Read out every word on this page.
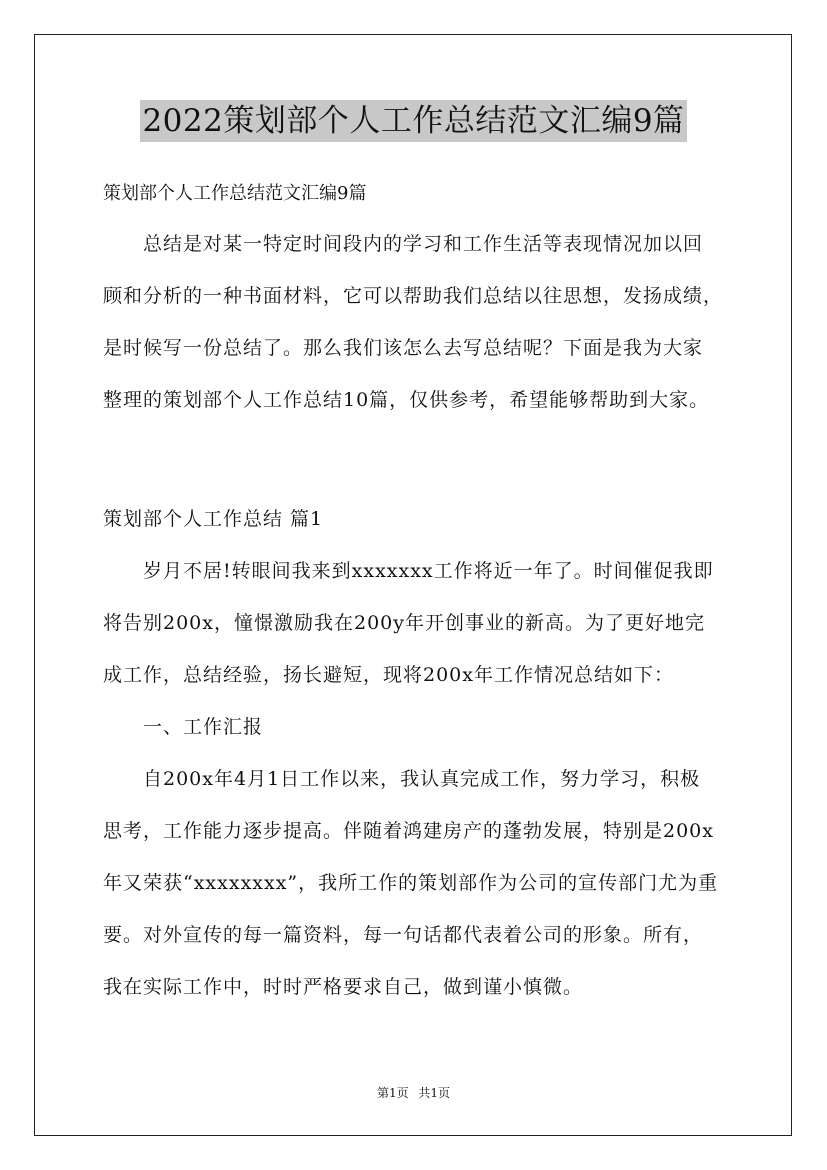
2022策划部个人工作总结范文汇编9篇
策划部个人工作总结范文汇编9篇

总结是对某一特定时间段内的学习和工作生活等表现情况加以回

顾和分析的一种书面材料，它可以帮助我们总结以往思想，发扬成绩，

是时候写一份总结了。那么我们该怎么去写总结呢？下面是我为大家

整理的策划部个人工作总结10篇，仅供参考，希望能够帮助到大家。

策划部个人工作总结 篇1

岁月不居!转眼间我来到xxxxxxx工作将近一年了。时间催促我即

将告别200x，憧憬激励我在200y年开创事业的新高。为了更好地完

成工作，总结经验，扬长避短，现将200x年工作情况总结如下：

一、工作汇报

自200x年4月1日工作以来，我认真完成工作，努力学习，积极

思考，工作能力逐步提高。伴随着鸿建房产的蓬勃发展，特别是200x

年又荣获“xxxxxxxx”，我所工作的策划部作为公司的宣传部门尤为重

要。对外宣传的每一篇资料，每一句话都代表着公司的形象。所有，

我在实际工作中，时时严格要求自己，做到谨小慎微。

第1页 共1页
